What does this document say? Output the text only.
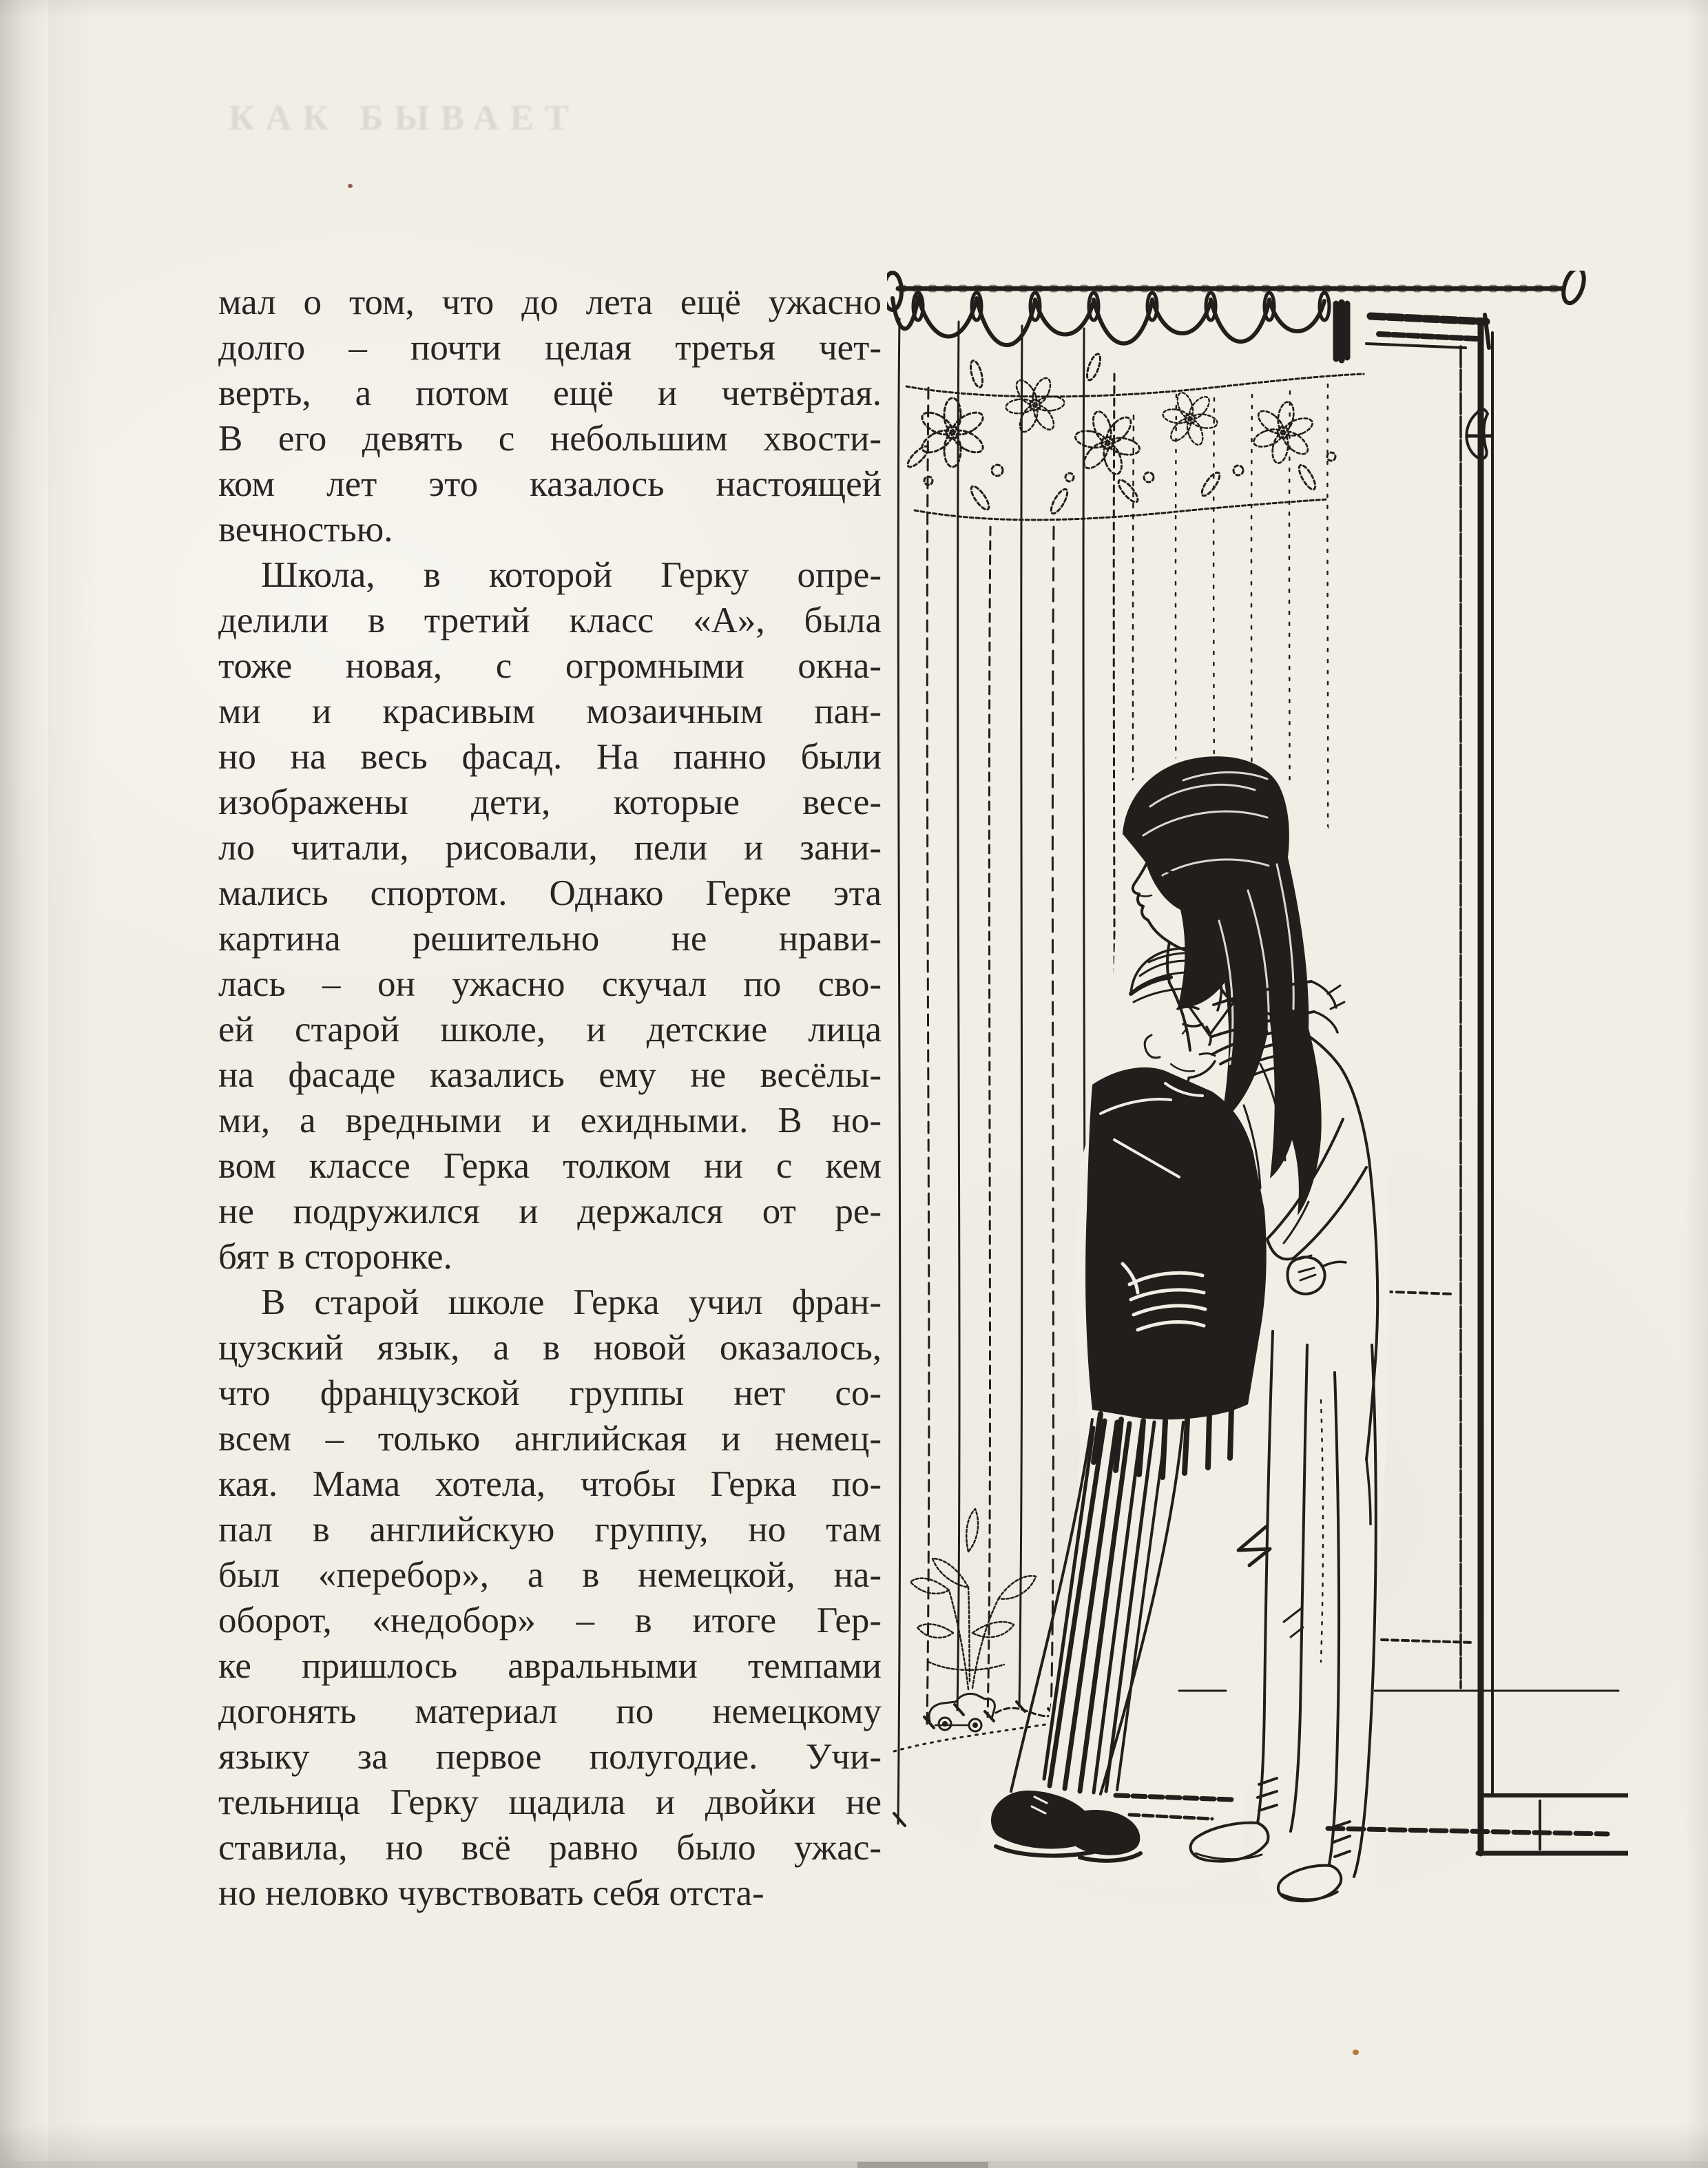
КАК БЫВАЕТ
мал о том, что до лета ещё ужасно
долго – почти целая третья чет-
верть, а потом ещё и четвёртая.
В его девять с небольшим хвости-
ком лет это казалось настоящей
вечностью.
Школа, в которой Герку опре-
делили в третий класс «А», была
тоже новая, с огромными окна-
ми и красивым мозаичным пан-
но на весь фасад. На панно были
изображены дети, которые весе-
ло читали, рисовали, пели и зани-
мались спортом. Однако Герке эта
картина решительно не нрави-
лась – он ужасно скучал по сво-
ей старой школе, и детские лица
на фасаде казались ему не весёлы-
ми, а вредными и ехидными. В но-
вом классе Герка толком ни с кем
не подружился и держался от ре-
бят в сторонке.
В старой школе Герка учил фран-
цузский язык, а в новой оказалось,
что французской группы нет со-
всем – только английская и немец-
кая. Мама хотела, чтобы Герка по-
пал в английскую группу, но там
был «перебор», а в немецкой, на-
оборот, «недобор» – в итоге Гер-
ке пришлось авральными темпами
догонять материал по немецкому
языку за первое полугодие. Учи-
тельница Герку щадила и двойки не
ставила, но всё равно было ужас-
но неловко чувствовать себя отста-
